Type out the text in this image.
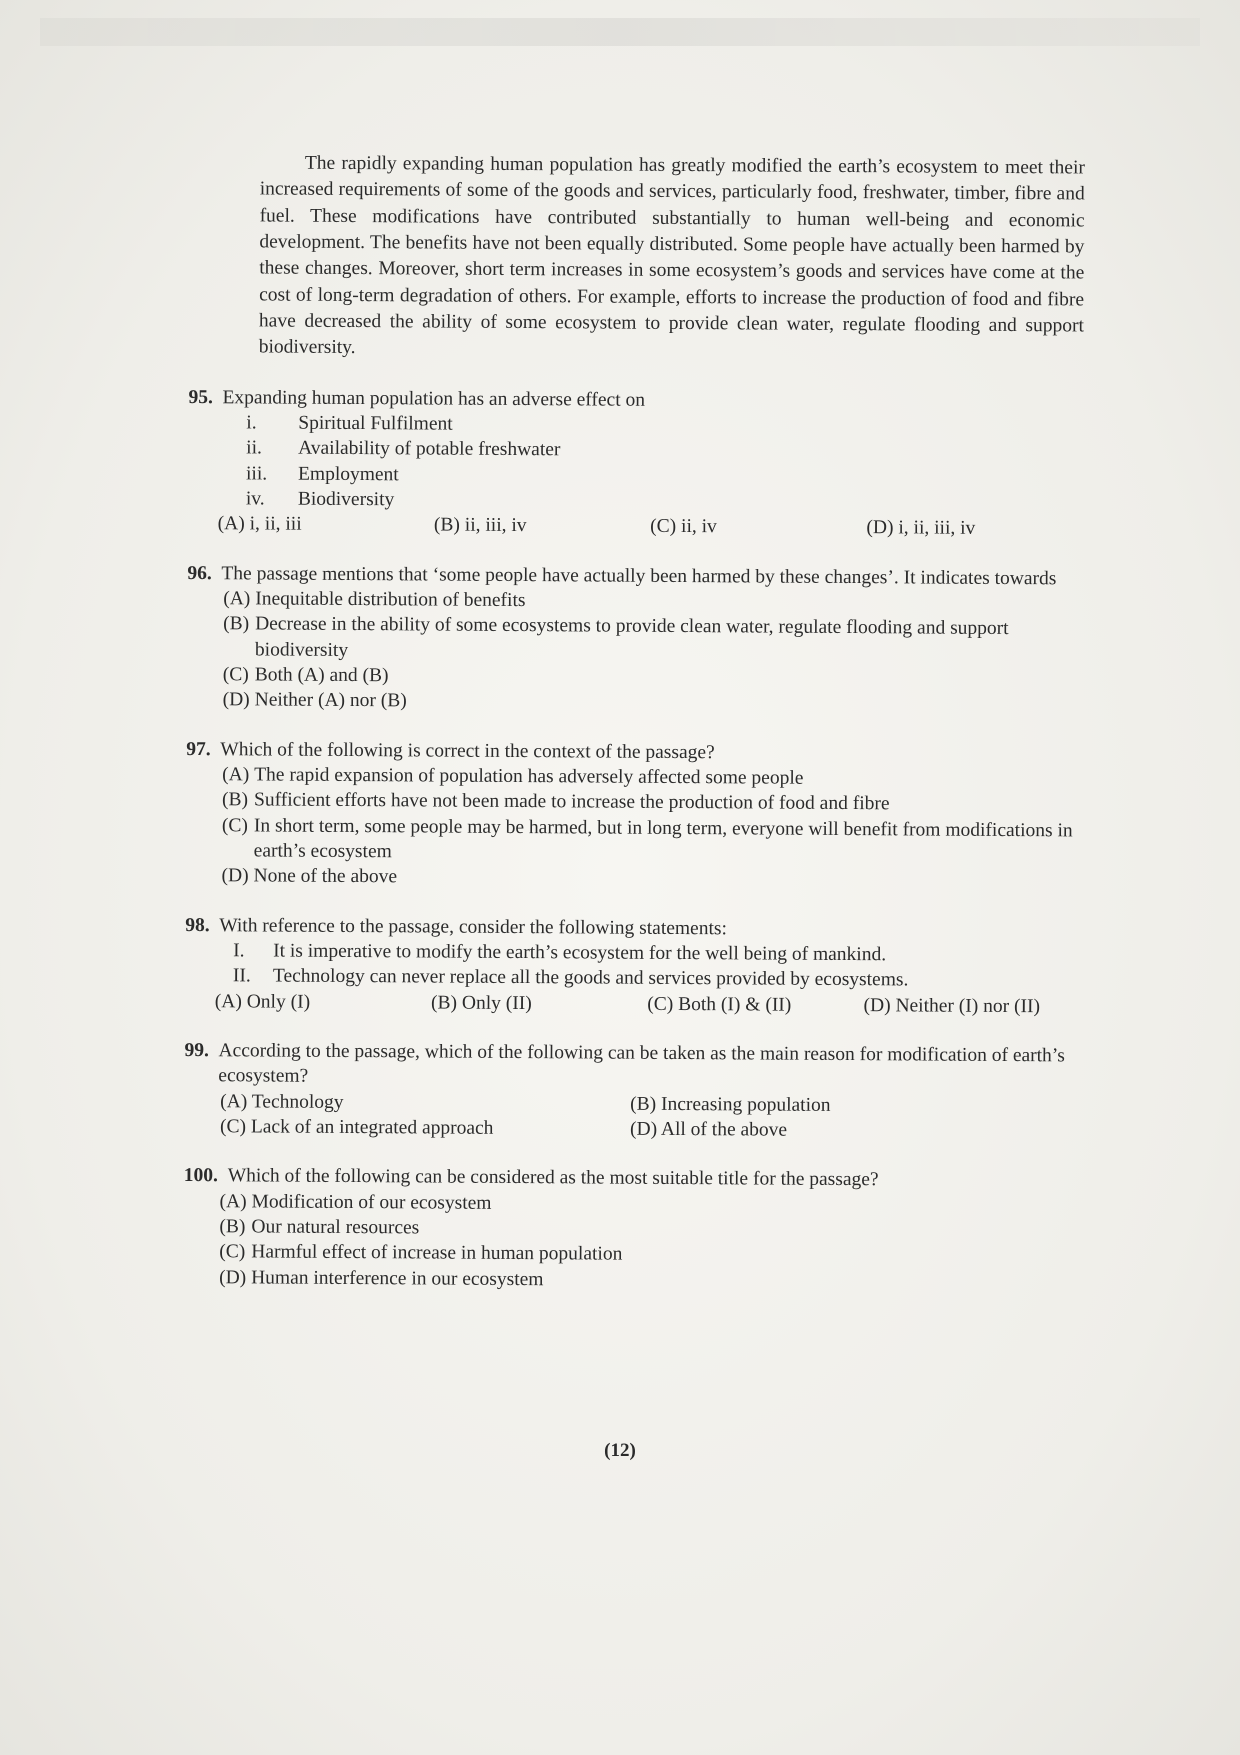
The rapidly expanding human population has greatly modified the earth’s ecosystem to meet their increased requirements of some of the goods and services, particularly food, freshwater, timber, fibre and fuel. These modifications have contributed substantially to human well-being and economic development. The benefits have not been equally distributed. Some people have actually been harmed by these changes. Moreover, short term increases in some ecosystem’s goods and services have come at the cost of long-term degradation of others. For example, efforts to increase the production of food and fibre have decreased the ability of some ecosystem to provide clean water, regulate flooding and support biodiversity.

95. Expanding human population has an adverse effect on
i.	Spiritual Fulfilment
ii.	Availability of potable freshwater
iii.	Employment
iv.	Biodiversity
(A) i, ii, iii	(B) ii, iii, iv	(C) ii, iv	(D) i, ii, iii, iv
96. The passage mentions that ‘some people have actually been harmed by these changes’. It indicates towards
(A) Inequitable distribution of benefits
(B) Decrease in the ability of some ecosystems to provide clean water, regulate flooding and support biodiversity
(C) Both (A) and (B)
(D) Neither (A) nor (B)
97. Which of the following is correct in the context of the passage?
(A) The rapid expansion of population has adversely affected some people
(B) Sufficient efforts have not been made to increase the production of food and fibre
(C) In short term, some people may be harmed, but in long term, everyone will benefit from modifications in earth’s ecosystem
(D) None of the above
98. With reference to the passage, consider the following statements:
I.	It is imperative to modify the earth’s ecosystem for the well being of mankind.
II.	Technology can never replace all the goods and services provided by ecosystems.
(A) Only (I)	(B) Only (II)	(C) Both (I) & (II)	(D) Neither (I) nor (II)
99. According to the passage, which of the following can be taken as the main reason for modification of earth’s ecosystem?
(A) Technology	(B) Increasing population
(C) Lack of an integrated approach	(D) All of the above
100. Which of the following can be considered as the most suitable title for the passage?
(A) Modification of our ecosystem
(B) Our natural resources
(C) Harmful effect of increase in human population
(D) Human interference in our ecosystem
(12)
